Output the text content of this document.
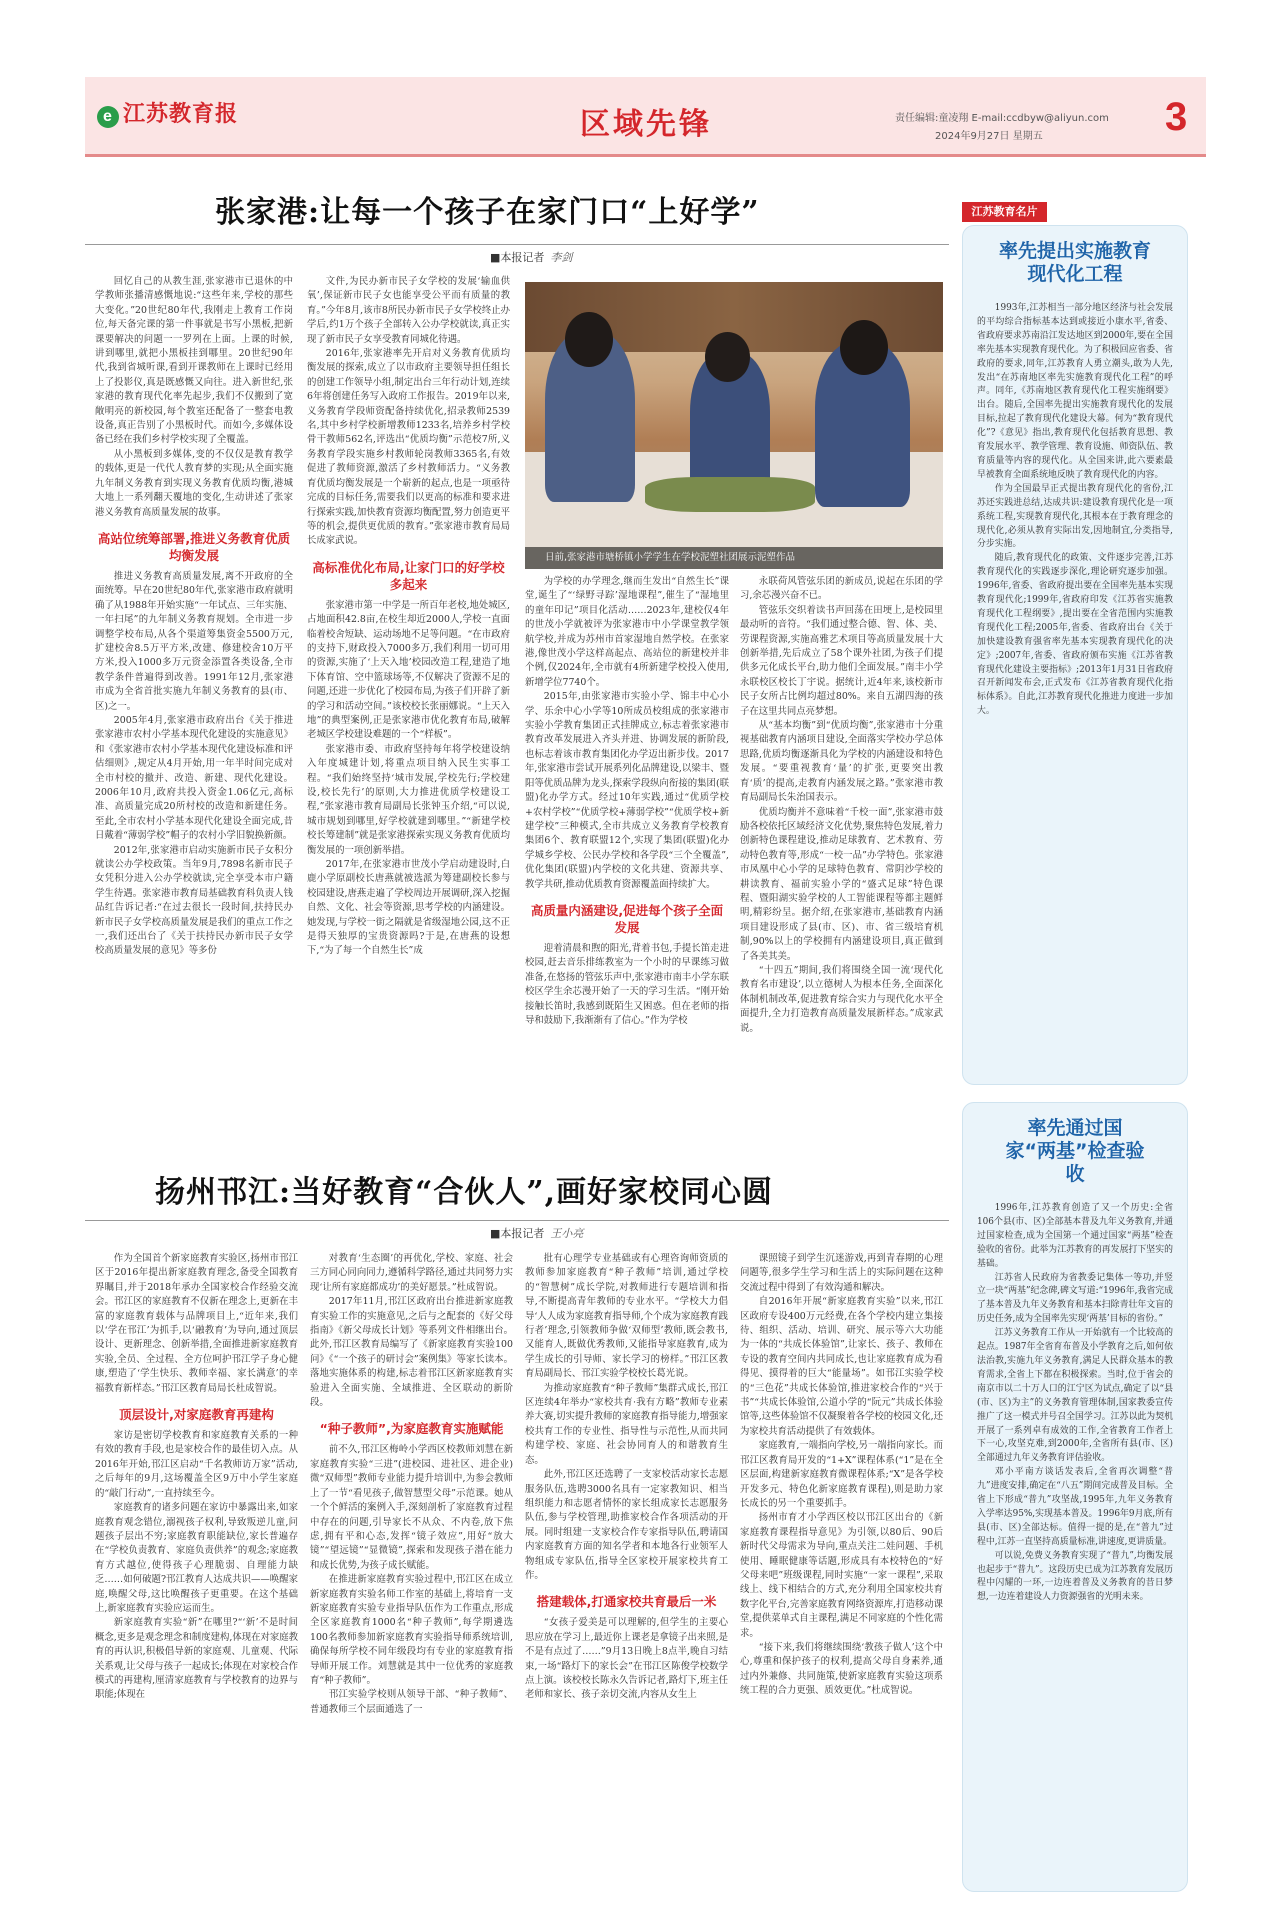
e 江苏教育报	区域先锋	责任编辑:童凌翔 E-mail:ccdbyw@aliyun.com
2024年9月27日 星期五	3
张家港:让每一个孩子在家门口“上好学”
■本报记者 李剑

回忆自己的从教生涯,张家港市已退休的中学教师张播清感慨地说:“这些年来,学校的那些大变化。”20世纪80年代,我刚走上教育工作岗位,每天备完课的第一件事就是书写小黑板,把新课要解决的问题一一罗列在上面。上课的时候,讲到哪里,就把小黑板挂到哪里。20世纪90年代,我到省城听课,看到开课教师在上课时已经用上了投影仪,真是既感慨又向往。进入新世纪,张家港的教育现代化率先起步,我们不仅搬到了宽敞明亮的新校园,每个教室还配备了一整套电教设备,真正告别了小黑板时代。而如今,多媒体设备已经在我们乡村学校实现了全覆盖。

从小黑板到多媒体,变的不仅仅是教育教学的载体,更是一代代人教育梦的实现;从全面实施九年制义务教育到实现义务教育优质均衡,港城大地上一系列翻天覆地的变化,生动讲述了张家港义务教育高质量发展的故事。

高站位统筹部署,推进义务教育优质均衡发展

推进义务教育高质量发展,离不开政府的全面统筹。早在20世纪80年代,张家港市政府就明确了从1988年开始实施“一年试点、三年实施、一年扫尾”的九年制义务教育规划。全市进一步调整学校布局,从各个渠道筹集资金5500万元,扩建校舍8.5万平方米,改建、修建校舍10万平方米,投入1000多万元资金添置各类设备,全市教学条件普遍得到改善。1991年12月,张家港市成为全省首批实施九年制义务教育的县(市、区)之一。

2005年4月,张家港市政府出台《关于推进张家港市农村小学基本现代化建设的实施意见》和《张家港市农村小学基本现代化建设标准和评估细则》,规定从4月开始,用一年半时间完成对全市村校的撤并、改造、新建、现代化建设。2006年10月,政府共投入资金1.06亿元,高标准、高质量完成20所村校的改造和新建任务。至此,全市农村小学基本现代化建设全面完成,昔日戴着“薄弱学校”帽子的农村小学旧貌换新颜。

2012年,张家港市启动实施新市民子女积分就读公办学校政策。当年9月,7898名新市民子女凭积分进入公办学校就读,完全享受本市户籍学生待遇。张家港市教育局基础教育科负责人钱品红告诉记者:“在过去很长一段时间,扶持民办新市民子女学校高质量发展是我们的重点工作之一,我们还出台了《关于扶持民办新市民子女学校高质量发展的意见》等多份

文件,为民办新市民子女学校的发展‘输血供氧’,保证新市民子女也能享受公平而有质量的教育。”今年8月,该市8所民办新市民子女学校终止办学后,约1万个孩子全部转入公办学校就读,真正实现了新市民子女享受教育同城化待遇。

2016年,张家港率先开启对义务教育优质均衡发展的探索,成立了以市政府主要领导担任组长的创建工作领导小组,制定出台三年行动计划,连续6年将创建任务写入政府工作报告。2019年以来,义务教育学段师资配备持续优化,招录教师2539名,其中乡村学校新增教师1233名,培养乡村学校骨干教师562名,评选出“优质均衡”示范校7所,义务教育学段实施乡村教师轮岗教师3365名,有效促进了教师资源,激活了乡村教师活力。“义务教育优质均衡发展是一个崭新的起点,也是一项亟待完成的目标任务,需要我们以更高的标准和要求进行探索实践,加快教育资源均衡配置,努力创造更平等的机会,提供更优质的教育。”张家港市教育局局长成家武说。

高标准优化布局,让家门口的好学校多起来

张家港市第一中学是一所百年老校,地处城区,占地面积42.8亩,在校生却近2000人,学校一直面临着校舍短缺、运动场地不足等问题。“在市政府的支持下,财政投入7000多万,我们利用一切可用的资源,实施了‘上天入地’校园改造工程,建造了地下体育馆、空中篮球场等,不仅解决了资源不足的问题,还进一步优化了校园布局,为孩子们开辟了新的学习和活动空间。”该校校长张丽娜说。“上天入地”的典型案例,正是张家港市优化教育布局,破解老城区学校建设难题的一个“样板”。

张家港市委、市政府坚持每年将学校建设纳入年度城建计划,将重点项目纳入民生实事工程。“我们始终坚持‘城市发展,学校先行;学校建设,校长先行’的原则,大力推进优质学校建设工程,”张家港市教育局副局长张钟玉介绍,“可以说,城市规划到哪里,好学校就建到哪里。”“新建学校校长筹建制”就是张家港探索实现义务教育优质均衡发展的一项创新举措。

2017年,在张家港市世茂小学启动建设时,白鹿小学原副校长唐燕就被选派为筹建副校长参与校园建设,唐燕走遍了学校周边开展调研,深入挖掘自然、文化、社会等资源,思考学校的内涵建设。她发现,与学校一街之隔就是省级湿地公园,这不正是得天独厚的宝贵资源吗?于是,在唐燕的设想下,“为了每一个自然生长”成

日前,张家港市塘桥镇小学学生在学校泥塑社团展示泥塑作品

为学校的办学理念,继而生发出“自然生长”课堂,诞生了“‘绿野寻踪’湿地课程”,催生了“湿地里的童年印记”项目化活动……2023年,建校仅4年的世茂小学就被评为张家港市中小学课堂教学领航学校,并成为苏州市首家湿地自然学校。在张家港,像世茂小学这样高起点、高站位的新建校并非个例,仅2024年,全市就有4所新建学校投入使用,新增学位7740个。

2015年,由张家港市实验小学、锦丰中心小学、乐余中心小学等10所成员校组成的张家港市实验小学教育集团正式挂牌成立,标志着张家港市教育改革发展进入齐头并进、协调发展的新阶段,也标志着该市教育集团化办学迈出新步伐。2017年,张家港市尝试开展系列化品牌建设,以梁丰、暨阳等优质品牌为龙头,探索学段纵向衔接的集团(联盟)化办学方式。经过10年实践,通过“优质学校+农村学校”“优质学校+薄弱学校”“优质学校+新建学校”三种模式,全市共成立义务教育学校教育集团6个、教育联盟12个,实现了集团(联盟)化办学城乡学校、公民办学校和各学段“三个全覆盖”,优化集团(联盟)内学校的文化共建、资源共享、教学共研,推动优质教育资源覆盖面持续扩大。

高质量内涵建设,促进每个孩子全面发展

迎着清晨和煦的阳光,背着书包,手提长笛走进校园,赶去音乐排练教室为一个小时的早课练习做准备,在悠扬的管弦乐声中,张家港市南丰小学东联校区学生余芯漫开始了一天的学习生活。“刚开始接触长笛时,我感到既陌生又困惑。但在老师的指导和鼓励下,我渐渐有了信心。”作为学校

永联荷风管弦乐团的新成员,说起在乐团的学习,余芯漫兴奋不已。

管弦乐交织着读书声回荡在田埂上,是校园里最动听的音符。“我们通过整合德、智、体、美、劳课程资源,实施高雅艺术项目等高质量发展十大创新举措,先后成立了58个课外社团,为孩子们提供多元化成长平台,助力他们全面发展。”南丰小学永联校区校长丁宇说。据统计,近4年来,该校新市民子女所占比例均超过80%。来自五湖四海的孩子在这里共同点亮梦想。

从“基本均衡”到“优质均衡”,张家港市十分重视基础教育内涵项目建设,全面落实学校办学总体思路,优质均衡逐渐具化为学校的内涵建设和特色发展。“要重视教育‘量’的扩张,更要突出教育‘质’的提高,走教育内涵发展之路。”张家港市教育局副局长朱治国表示。

优质均衡并不意味着“千校一面”,张家港市鼓励各校依托区域经济文化优势,聚焦特色发展,着力创新特色课程建设,推动足球教育、艺术教育、劳动特色教育等,形成“一校一品”办学特色。张家港市凤凰中心小学的足球特色教育、常阴沙学校的耕读教育、福前实验小学的“盛式足球”特色课程、暨阳湖实验学校的人工智能课程等都主题鲜明,精彩纷呈。据介绍,在张家港市,基础教育内涵项目建设形成了县(市、区)、市、省三级培育机制,90%以上的学校拥有内涵建设项目,真正做到了各美其美。

“十四五”期间,我们将围绕全国一流‘现代化教育名市建设’,以立德树人为根本任务,全面深化体制机制改革,促进教育综合实力与现代化水平全面提升,全力打造教育高质量发展新样态。”成家武说。

扬州邗江:当好教育“合伙人”,画好家校同心圆
■本报记者 王小亮

作为全国首个新家庭教育实验区,扬州市邗江区于2016年提出新家庭教育理念,备受全国教育界瞩目,并于2018年承办全国家校合作经验交流会。邗江区的家庭教育不仅新在理念上,更新在丰富的家庭教育载体与品牌项目上,“近年来,我们以‘学在邗江’为抓手,以‘融教育’为导向,通过顶层设计、更新理念、创新举措,全面推进新家庭教育实验,全员、全过程、全方位呵护邗江学子身心健康,塑造了‘学生快乐、教师幸福、家长满意’的幸福教育新样态。”邗江区教育局局长杜成智说。

顶层设计,对家庭教育再建构

家访是密切学校教育和家庭教育关系的一种有效的教育手段,也是家校合作的最佳切入点。从2016年开始,邗江区启动“千名教师访万家”活动,之后每年的9月,这场覆盖全区9万中小学生家庭的“敲门行动”,一直持续至今。

家庭教育的诸多问题在家访中暴露出来,如家庭教育观念错位,溺视孩子权利,导致叛逆儿童,问题孩子层出不穷;家庭教育职能缺位,家长普遍存在“学校负责教育、家庭负责供养”的观念;家庭教育方式越位,使得孩子心理脆弱、自理能力缺乏……如何破题?邗江教育人达成共识——唤醒家庭,唤醒父母,这比唤醒孩子更重要。在这个基础上,新家庭教育实验应运而生。

新家庭教育实验“新”在哪里?“‘新’不是时间概念,更多是观念理念和制度建构,体现在对家庭教育的再认识,积极倡导新的家庭观、儿童观、代际关系观,让父母与孩子一起成长;体现在对家校合作模式的再建构,厘清家庭教育与学校教育的边界与职能;体现在

对教育‘生态圈’的再优化,学校、家庭、社会三方同心同向同力,遵循科学路径,通过共同努力实现‘让所有家庭都成功’的美好愿景。”杜成智说。

2017年11月,邗江区政府出台推进新家庭教育实验工作的实施意见,之后与之配套的《好父母指南》《新父母成长计划》等系列文件相继出台。此外,邗江区教育局编写了《新家庭教育实验100问》《“一个孩子的研讨会”案例集》等家长读本。落地实施体系的构建,标志着邗江区新家庭教育实验进入全面实施、全域推进、全区联动的新阶段。

“种子教师”,为家庭教育实施赋能

前不久,邗江区梅岭小学西区校教师刘慧在新家庭教育实验“三进”(进校园、进社区、进企业)微“双师型”教师专业能力提升培训中,为参会教师上了一节“看见孩子,做智慧型父母”示范课。她从一个个鲜活的案例入手,深刻剖析了家庭教育过程中存在的问题,引导家长不从众、不内卷,放下焦虑,拥有平和心态,发挥“镜子效应”,用好“放大镜”“望远镜”“显微镜”,探索和发现孩子潜在能力和成长优势,为孩子成长赋能。

在推进新家庭教育实验过程中,邗江区在成立新家庭教育实验名师工作室的基础上,将培育一支新家庭教育实验专业指导队伍作为工作重点,形成全区家庭教育1000名“种子教师”,每学期遴选100名教师参加新家庭教育实验指导师系统培训,确保每所学校不同年级段均有专业的家庭教育指导师开展工作。刘慧就是其中一位优秀的家庭教育“种子教师”。

邗江实验学校则从领导干部、“种子教师”、普通教师三个层面通选了一

批有心理学专业基础或有心理咨询师资质的教师参加家庭教育“种子教师”培训,通过学校的“智慧树”成长学院,对教师进行专题培训和指导,不断提高青年教师的专业水平。“学校大力倡导‘人人成为家庭教育指导师,个个成为家庭教育践行者’理念,引领教师争做‘双师型’教师,既会教书,又能育人,既做优秀教师,又能指导家庭教育,成为学生成长的引导师、家长学习的榜样。”邗江区教育局副局长、邗江实验学校校长葛光说。

为推动家庭教育“种子教师”集群式成长,邗江区连续4年举办“家校共育·我有方略”教师专业素养大赛,切实提升教师的家庭教育指导能力,增强家校共育工作的专业性、指导性与示范性,从而共同构建学校、家庭、社会协同育人的和谐教育生态。

此外,邗江区还选聘了一支家校活动家长志愿服务队伍,选聘3000名具有一定家教知识、相当组织能力和志愿者情怀的家长组成家长志愿服务队伍,参与学校管理,助推家校合作各项活动的开展。同时组建一支家校合作专家指导队伍,聘请国内家庭教育方面的知名学者和本地各行业领军人物组成专家队伍,指导全区家校开展家校共育工作。

搭建载体,打通家校共育最后一米

“女孩子爱美是可以理解的,但学生的主要心思应放在学习上,最近你上课老是拿镜子出来照,是不是有点过了……”9月13日晚上8点半,晚自习结束,一场“路灯下的家长会”在邗江区陈俊学校数学点上演。该校校长陈永久告诉记者,路灯下,班主任老师和家长、孩子亲切交流,内容从女生上

课照镜子到学生沉迷游戏,再到青春期的心理问题等,很多学生学习和生活上的实际问题在这种交流过程中得到了有效沟通和解决。

自2016年开展“新家庭教育实验”以来,邗江区政府专设400万元经费,在各个学校内建立集接待、组织、活动、培训、研究、展示等六大功能为一体的“共成长体验馆”,让家长、孩子、教师在专设的教育空间内共同成长,也让家庭教育成为看得见、摸得着的巨大“能量场”。如邗江实验学校的“三色花”共成长体验馆,推进家校合作的“兴于书”“共成长体验馆,公道小学的“阮元”共成长体验馆等,这些体验馆不仅凝聚着各学校的校园文化,还为家校共育活动提供了有效载体。

家庭教育,一端指向学校,另一端指向家长。而邗江区教育局开发的“1+X”课程体系(“1”是在全区层面,构建新家庭教育微课程体系;“X”是各学校开发多元、特色化新家庭教育课程),则是助力家长成长的另一个重要抓手。

扬州市育才小学西区校以邗江区出台的《新家庭教育课程指导意见》为引领,以80后、90后新时代父母需求为导向,重点关注二娃问题、手机使用、睡眠健康等话题,形成具有本校特色的“好父母来吧”班级课程,同时实施“一家一课程”,采取线上、线下相结合的方式,充分利用全国家校共育数字化平台,完善家庭教育网络资源库,打造移动课堂,提供菜单式自主课程,满足不同家庭的个性化需求。

“接下来,我们将继续围绕‘教孩子做人’这个中心,尊重和保护孩子的权利,提高父母自身素养,通过内外兼修、共同施策,使新家庭教育实验这项系统工程的合力更强、质效更优。”杜成智说。

江苏教育名片
率先提出实施教育现代化工程

1993年,江苏相当一部分地区经济与社会发展的平均综合指标基本达到或接近小康水平,省委、省政府要求苏南沿江发达地区到2000年,要在全国率先基本实现教育现代化。为了积极回应省委、省政府的要求,同年,江苏教育人勇立潮头,敢为人先,发出“在苏南地区率先实施教育现代化工程”的呼声。同年,《苏南地区教育现代化工程实施纲要》出台。随后,全国率先提出实施教育现代化的发展目标,拉起了教育现代化建设大幕。何为“教育现代化”?《意见》指出,教育现代化包括教育思想、教育发展水平、教学管理、教育设施、师资队伍、教育质量等内容的现代化。从全国来讲,此六要素最早被教育全面系统地反映了教育现代化的内容。

作为全国最早正式提出教育现代化的省份,江苏还实践进总结,达成共识:建设教育现代化是一项系统工程,实现教育现代化,其根本在于教育理念的现代化,必须从教育实际出发,因地制宜,分类指导,分步实施。

随后,教育现代化的政策、文件逐步完善,江苏教育现代化的实践逐步深化,理论研究逐步加强。1996年,省委、省政府提出要在全国率先基本实现教育现代化;1999年,省政府印发《江苏省实施教育现代化工程纲要》,提出要在全省范围内实施教育现代化工程;2005年,省委、省政府出台《关于加快建设教育强省率先基本实现教育现代化的决定》;2007年,省委、省政府颁布实施《江苏省教育现代化建设主要指标》;2013年1月31日省政府召开新闻发布会,正式发布《江苏省教育现代化指标体系》。自此,江苏教育现代化推进力度进一步加大。

率先通过国家“两基”检查验收

1996年,江苏教育创造了又一个历史:全省106个县(市、区)全部基本普及九年义务教育,并通过国家检查,成为全国第一个通过国家“两基”检查验收的省份。此举为江苏教育的再发展打下坚实的基础。

江苏省人民政府为省教委记集体一等功,并竖立一块“两基”纪念碑,碑文写道:“1996年,我省完成了基本普及九年义务教育和基本扫除青壮年文盲的历史任务,成为全国率先实现‘两基’目标的省份。”

江苏义务教育工作从一开始就有一个比较高的起点。1987年全省育布普及小学教育之后,如何依法治教,实施九年义务教育,满足人民群众基本的教育需求,全省上下都在积极探索。当时,位于省会的南京市以二十万人口的江宁区为试点,确定了以“县(市、区)为主”的义务教育管理体制,国家教委宣传推广了这一模式并号召全国学习。江苏以此为契机开展了一系列卓有成效的工作,全省教育工作者上下一心,攻坚克难,到2000年,全省所有县(市、区)全部通过九年义务教育评估验收。

邓小平南方谈话发表后,全省再次调整“普九”进度安排,确定在“八五”期间完成普及目标。全省上下形成“普九”攻坚战,1995年,九年义务教育入学率达95%,实现基本普及。1996年9月底,所有县(市、区)全部达标。值得一提的是,在“普九”过程中,江苏一直坚持高质量标准,讲速度,更讲质量。

可以说,免费义务教育实现了“普九”,均衡发展也起步于“普九”。这段历史已成为江苏教育发展历程中闪耀的一环,一边连着普及义务教育的昔日梦想,一边连着建设人力资源强省的光明未来。
